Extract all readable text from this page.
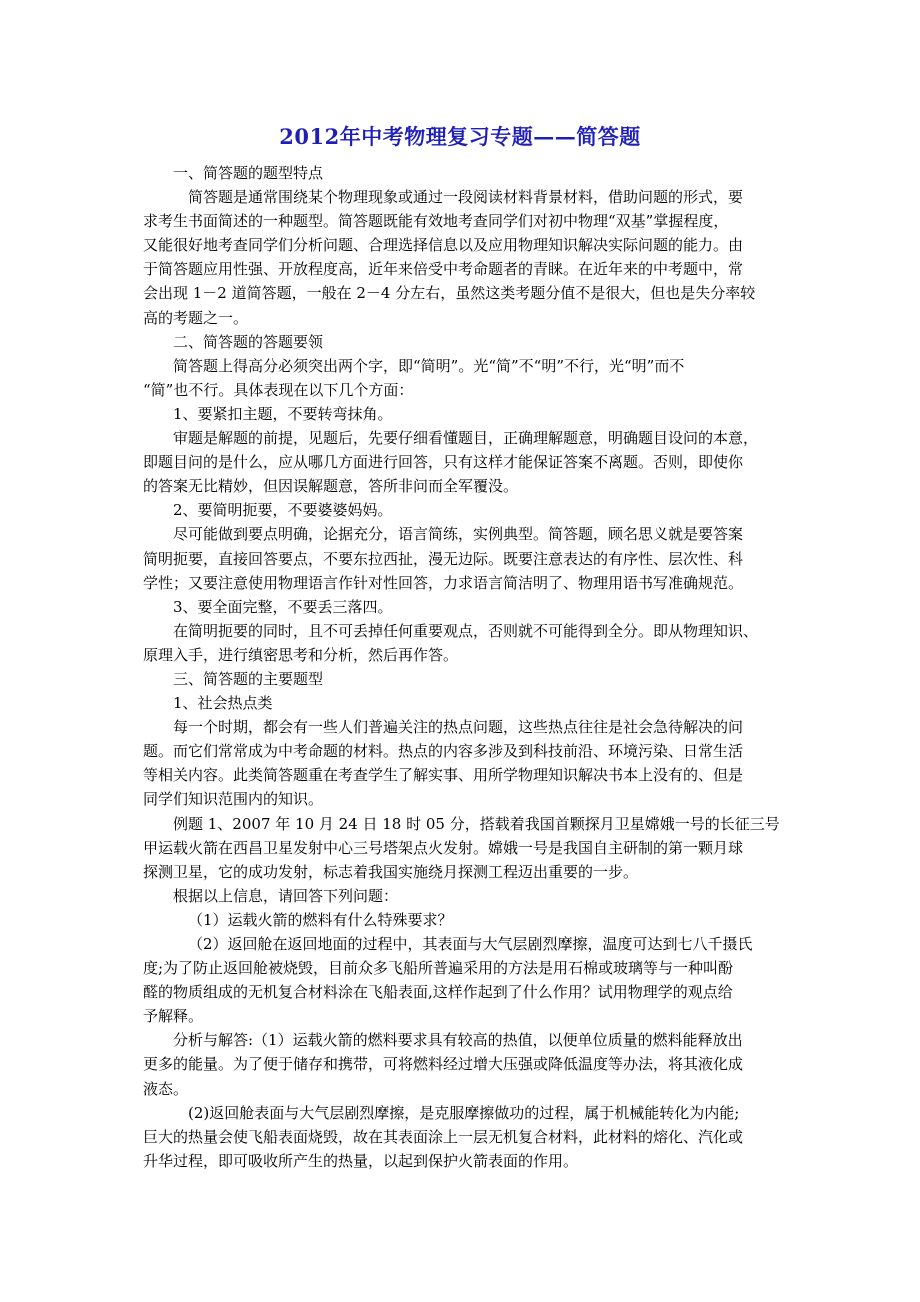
2012年中考物理复习专题——简答题
一、简答题的题型特点
简答题是通常围绕某个物理现象或通过一段阅读材料背景材料，借助问题的形式，要
求考生书面简述的一种题型。简答题既能有效地考查同学们对初中物理“双基”掌握程度，
又能很好地考查同学们分析问题、合理选择信息以及应用物理知识解决实际问题的能力。由
于简答题应用性强、开放程度高，近年来倍受中考命题者的青睐。在近年来的中考题中，常
会出现 1－2 道简答题，一般在 2－4 分左右，虽然这类考题分值不是很大，但也是失分率较
高的考题之一。
二、简答题的答题要领
简答题上得高分必须突出两个字，即“简明”。光“简”不“明”不行，光“明”而不
“简”也不行。具体表现在以下几个方面：
1、要紧扣主题，不要转弯抹角。
审题是解题的前提，见题后，先要仔细看懂题目，正确理解题意，明确题目设问的本意，
即题目问的是什么，应从哪几方面进行回答，只有这样才能保证答案不离题。否则，即使你
的答案无比精妙，但因误解题意，答所非问而全军覆没。
2、要简明扼要，不要婆婆妈妈。
尽可能做到要点明确，论据充分，语言简练，实例典型。简答题，顾名思义就是要答案
简明扼要，直接回答要点，不要东拉西扯，漫无边际。既要注意表达的有序性、层次性、科
学性；又要注意使用物理语言作针对性回答，力求语言简洁明了、物理用语书写准确规范。
3、要全面完整，不要丢三落四。
在简明扼要的同时，且不可丢掉任何重要观点，否则就不可能得到全分。即从物理知识、
原理入手，进行缜密思考和分析，然后再作答。
三、简答题的主要题型
1、社会热点类
每一个时期，都会有一些人们普遍关注的热点问题，这些热点往往是社会急待解决的问
题。而它们常常成为中考命题的材料。热点的内容多涉及到科技前沿、环境污染、日常生活
等相关内容。此类简答题重在考查学生了解实事、用所学物理知识解决书本上没有的、但是
同学们知识范围内的知识。
例题 1、2007 年 10 月 24 日 18 时 05 分，搭载着我国首颗探月卫星嫦娥一号的长征三号
甲运载火箭在西昌卫星发射中心三号塔架点火发射。嫦娥一号是我国自主研制的第一颗月球
探测卫星，它的成功发射，标志着我国实施绕月探测工程迈出重要的一步。
根据以上信息，请回答下列问题：
（1）运载火箭的燃料有什么特殊要求？
（2）返回舱在返回地面的过程中，其表面与大气层剧烈摩擦，温度可达到七八千摄氏
度;为了防止返回舱被烧毁，目前众多飞船所普遍采用的方法是用石棉或玻璃等与一种叫酚
醛的物质组成的无机复合材料涂在飞船表面,这样作起到了什么作用？试用物理学的观点给
予解释。
分析与解答:（1）运载火箭的燃料要求具有较高的热值，以便单位质量的燃料能释放出
更多的能量。为了便于储存和携带，可将燃料经过增大压强或降低温度等办法，将其液化成
液态。
(2)返回舱表面与大气层剧烈摩擦，是克服摩擦做功的过程，属于机械能转化为内能;
巨大的热量会使飞船表面烧毁，故在其表面涂上一层无机复合材料，此材料的熔化、汽化或
升华过程，即可吸收所产生的热量，以起到保护火箭表面的作用。
